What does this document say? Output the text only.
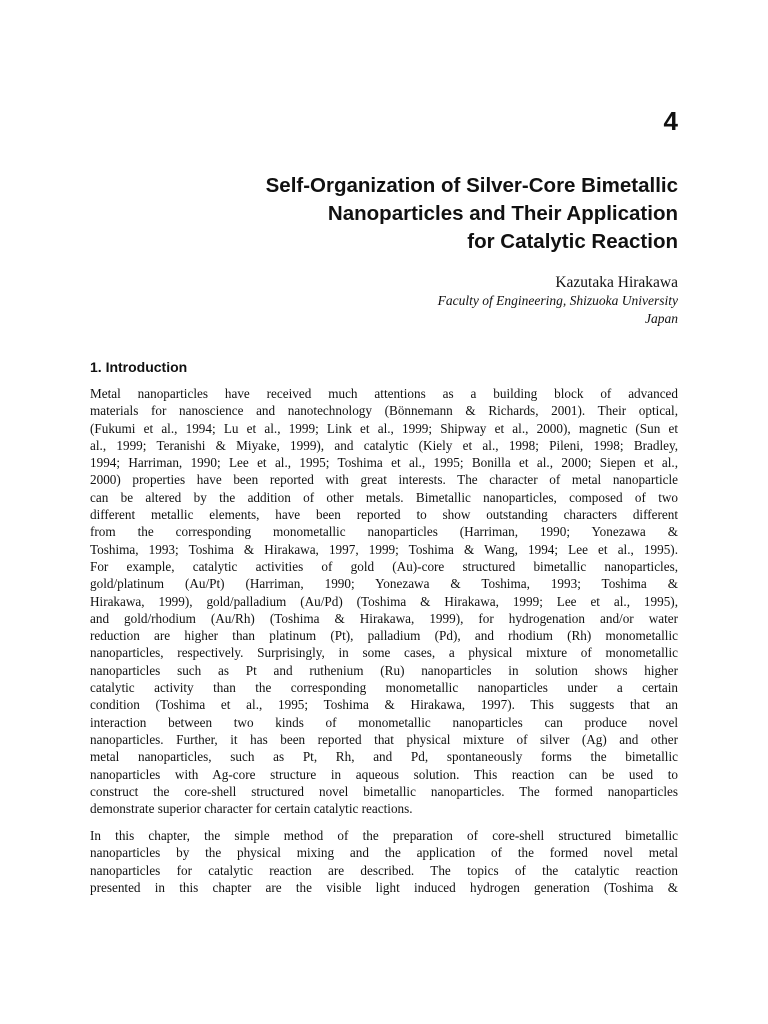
4

Self-Organization of Silver-Core Bimetallic
Nanoparticles and Their Application
for Catalytic Reaction

Kazutaka Hirakawa

Faculty of Engineering, Shizuoka University
Japan

1. Introduction

Metal nanoparticles have received much attentions as a building block of advanced
materials for nanoscience and nanotechnology (Bönnemann & Richards, 2001). Their optical,
(Fukumi et al., 1994; Lu et al., 1999; Link et al., 1999; Shipway et al., 2000), magnetic (Sun et
al., 1999; Teranishi & Miyake, 1999), and catalytic (Kiely et al., 1998; Pileni, 1998; Bradley,
1994; Harriman, 1990; Lee et al., 1995; Toshima et al., 1995; Bonilla et al., 2000; Siepen et al.,
2000) properties have been reported with great interests. The character of metal nanoparticle
can be altered by the addition of other metals. Bimetallic nanoparticles, composed of two
different metallic elements, have been reported to show outstanding characters different
from the corresponding monometallic nanoparticles (Harriman, 1990; Yonezawa &
Toshima, 1993; Toshima & Hirakawa, 1997, 1999; Toshima & Wang, 1994; Lee et al., 1995).
For example, catalytic activities of gold (Au)-core structured bimetallic nanoparticles,
gold/platinum (Au/Pt) (Harriman, 1990; Yonezawa & Toshima, 1993; Toshima &
Hirakawa, 1999), gold/palladium (Au/Pd) (Toshima & Hirakawa, 1999; Lee et al., 1995),
and gold/rhodium (Au/Rh) (Toshima & Hirakawa, 1999), for hydrogenation and/or water
reduction are higher than platinum (Pt), palladium (Pd), and rhodium (Rh) monometallic
nanoparticles, respectively. Surprisingly, in some cases, a physical mixture of monometallic
nanoparticles such as Pt and ruthenium (Ru) nanoparticles in solution shows higher
catalytic activity than the corresponding monometallic nanoparticles under a certain
condition (Toshima et al., 1995; Toshima & Hirakawa, 1997). This suggests that an
interaction between two kinds of monometallic nanoparticles can produce novel
nanoparticles. Further, it has been reported that physical mixture of silver (Ag) and other
metal nanoparticles, such as Pt, Rh, and Pd, spontaneously forms the bimetallic
nanoparticles with Ag-core structure in aqueous solution. This reaction can be used to
construct the core-shell structured novel bimetallic nanoparticles. The formed nanoparticles
demonstrate superior character for certain catalytic reactions.

In this chapter, the simple method of the preparation of core-shell structured bimetallic
nanoparticles by the physical mixing and the application of the formed novel metal
nanoparticles for catalytic reaction are described. The topics of the catalytic reaction
presented in this chapter are the visible light induced hydrogen generation (Toshima &
